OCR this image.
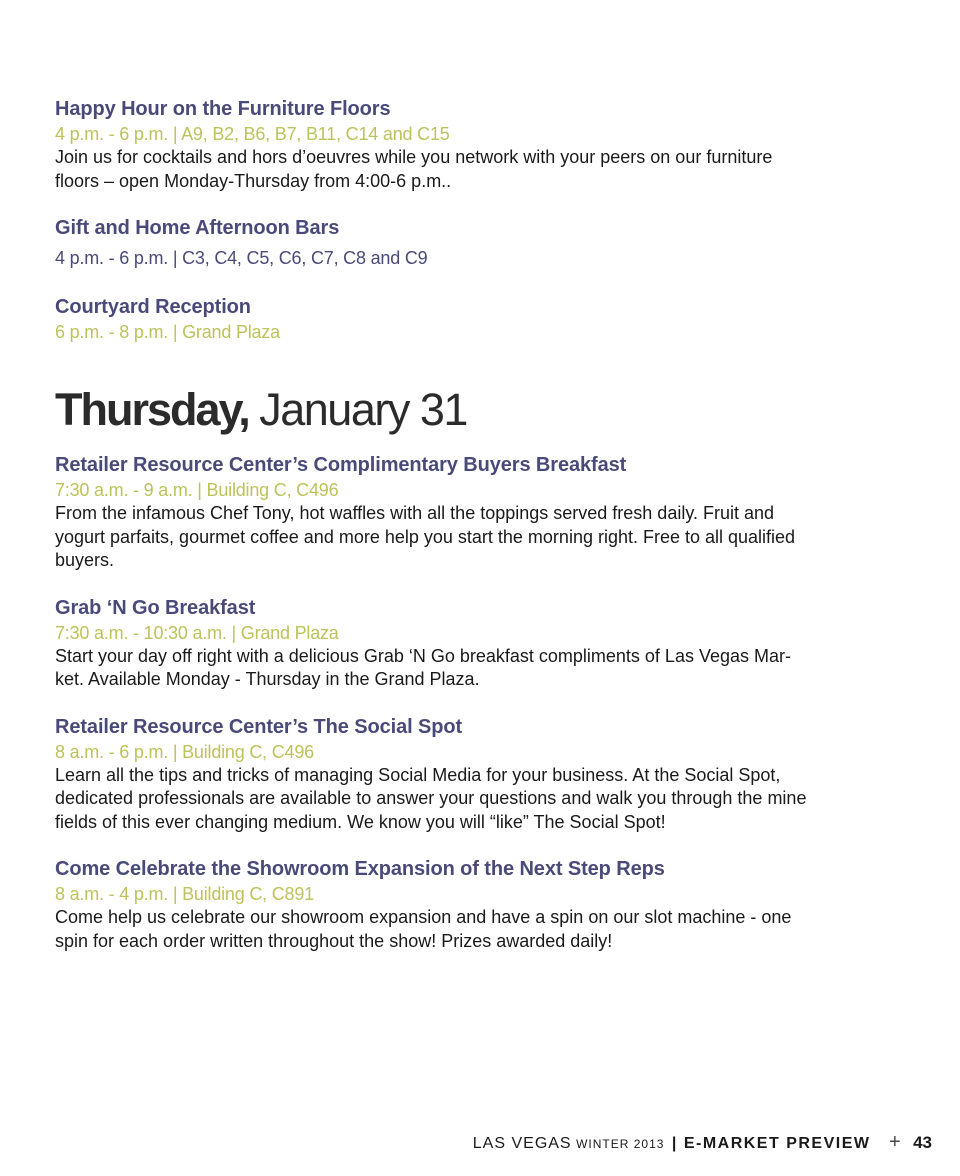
Happy Hour on the Furniture Floors
4 p.m. - 6 p.m. | A9, B2, B6, B7, B11, C14 and C15
Join us for cocktails and hors d’oeuvres while you network with your peers on our furniture
floors – open Monday-Thursday from 4:00-6 p.m..
Gift and Home Afternoon Bars
4 p.m. - 6 p.m. | C3, C4, C5, C6, C7, C8 and C9
Courtyard Reception
6 p.m. - 8 p.m. | Grand Plaza
Thursday, January 31
Retailer Resource Center’s Complimentary Buyers Breakfast
7:30 a.m. - 9 a.m. | Building C, C496
From the infamous Chef Tony, hot waffles with all the toppings served fresh daily. Fruit and
yogurt parfaits, gourmet coffee and more help you start the morning right. Free to all qualified
buyers.
Grab ‘N Go Breakfast
7:30 a.m. - 10:30 a.m. | Grand Plaza
Start your day off right with a delicious Grab ‘N Go breakfast compliments of Las Vegas Mar-
ket. Available Monday - Thursday in the Grand Plaza.
Retailer Resource Center’s The Social Spot
8 a.m. - 6 p.m. | Building C, C496
Learn all the tips and tricks of managing Social Media for your business. At the Social Spot,
dedicated professionals are available to answer your questions and walk you through the mine
fields of this ever changing medium. We know you will “like” The Social Spot!
Come Celebrate the Showroom Expansion of the Next Step Reps
8 a.m. - 4 p.m. | Building C, C891
Come help us celebrate our showroom expansion and have a spin on our slot machine - one
spin for each order written throughout the show! Prizes awarded daily!
LAS VEGAS WINTER 2013 | E-MARKET PREVIEW + 43
